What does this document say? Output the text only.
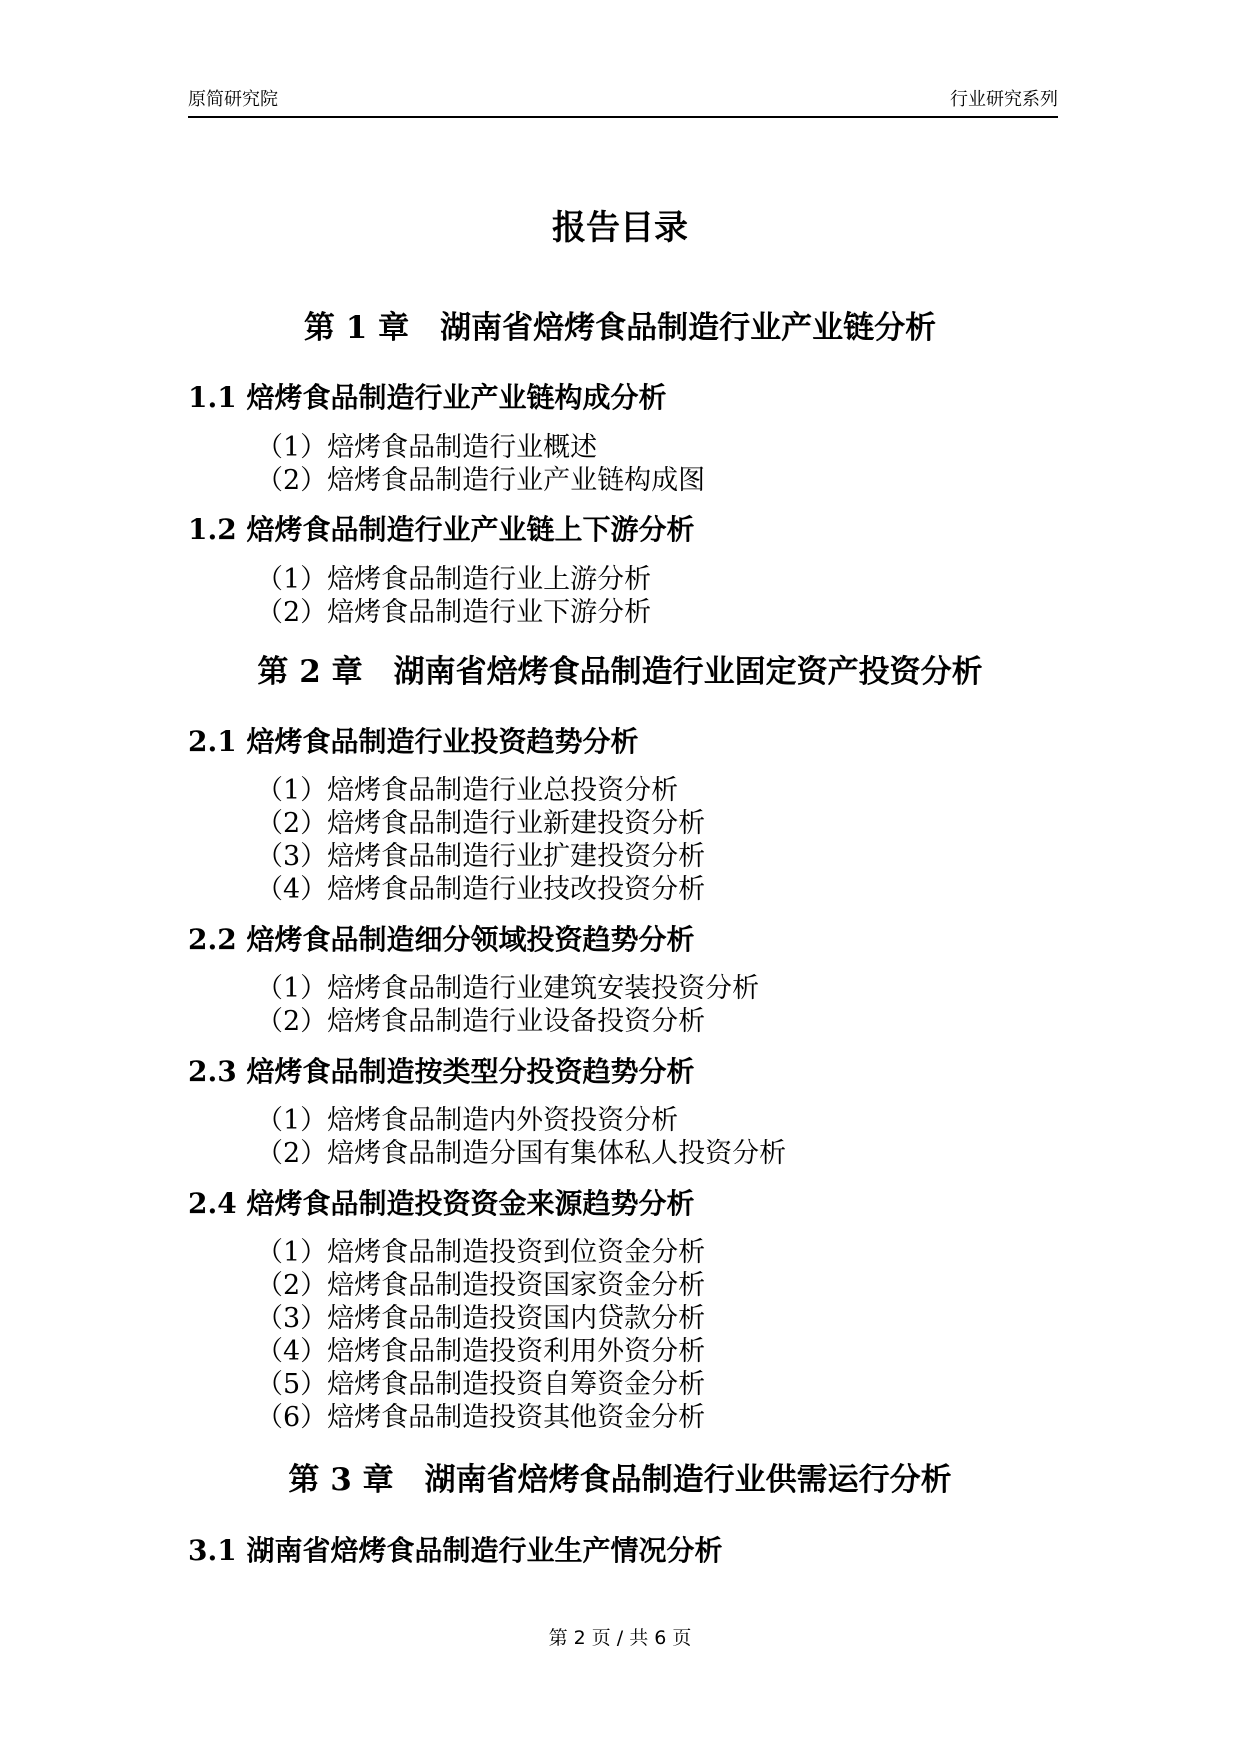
原简研究院	行业研究系列
报告目录
第 1 章　湖南省焙烤食品制造行业产业链分析
1.1 焙烤食品制造行业产业链构成分析
（1）焙烤食品制造行业概述
（2）焙烤食品制造行业产业链构成图
1.2 焙烤食品制造行业产业链上下游分析
（1）焙烤食品制造行业上游分析
（2）焙烤食品制造行业下游分析
第 2 章　湖南省焙烤食品制造行业固定资产投资分析
2.1 焙烤食品制造行业投资趋势分析
（1）焙烤食品制造行业总投资分析
（2）焙烤食品制造行业新建投资分析
（3）焙烤食品制造行业扩建投资分析
（4）焙烤食品制造行业技改投资分析
2.2 焙烤食品制造细分领域投资趋势分析
（1）焙烤食品制造行业建筑安装投资分析
（2）焙烤食品制造行业设备投资分析
2.3 焙烤食品制造按类型分投资趋势分析
（1）焙烤食品制造内外资投资分析
（2）焙烤食品制造分国有集体私人投资分析
2.4 焙烤食品制造投资资金来源趋势分析
（1）焙烤食品制造投资到位资金分析
（2）焙烤食品制造投资国家资金分析
（3）焙烤食品制造投资国内贷款分析
（4）焙烤食品制造投资利用外资分析
（5）焙烤食品制造投资自筹资金分析
（6）焙烤食品制造投资其他资金分析
第 3 章　湖南省焙烤食品制造行业供需运行分析
3.1 湖南省焙烤食品制造行业生产情况分析
第 2 页 / 共 6 页
